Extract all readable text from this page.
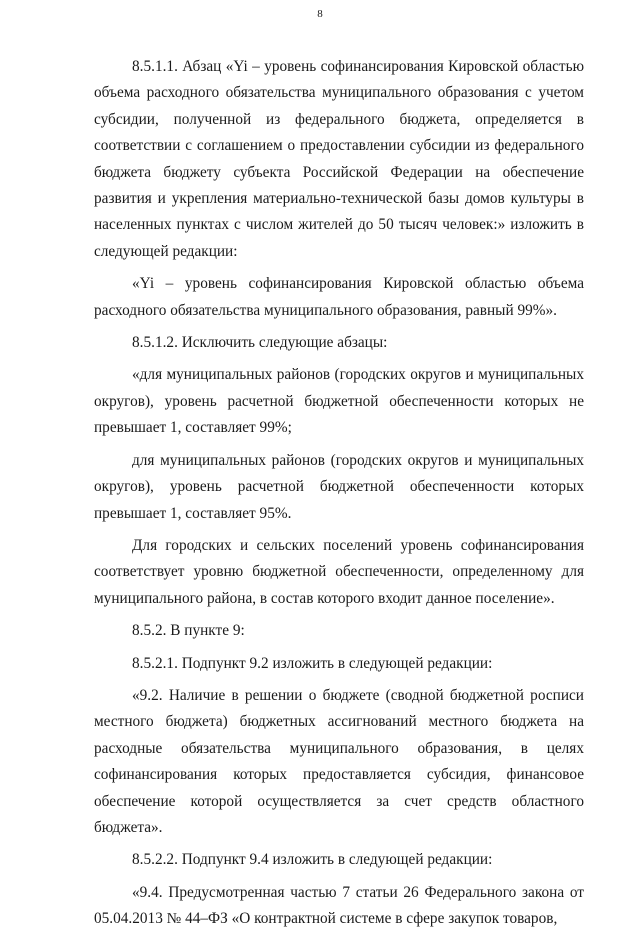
8

8.5.1.1. Абзац «Yi – уровень софинансирования Кировской областью объема расходного обязательства муниципального образования с учетом субсидии, полученной из федерального бюджета, определяется в соответствии с соглашением о предоставлении субсидии из федерального бюджета бюджету субъекта Российской Федерации на обеспечение развития и укрепления материально-технической базы домов культуры в населенных пунктах с числом жителей до 50 тысяч человек:» изложить в следующей редакции:

«Yi – уровень софинансирования Кировской областью объема расходного обязательства муниципального образования, равный 99%».

8.5.1.2. Исключить следующие абзацы:

«для муниципальных районов (городских округов и муниципальных округов), уровень расчетной бюджетной обеспеченности которых не превышает 1, составляет 99%;

для муниципальных районов (городских округов и муниципальных округов), уровень расчетной бюджетной обеспеченности которых превышает 1, составляет 95%.

Для городских и сельских поселений уровень софинансирования соответствует уровню бюджетной обеспеченности, определенному для муниципального района, в состав которого входит данное поселение».

8.5.2. В пункте 9:

8.5.2.1. Подпункт 9.2 изложить в следующей редакции:

«9.2. Наличие в решении о бюджете (сводной бюджетной росписи местного бюджета) бюджетных ассигнований местного бюджета на расходные обязательства муниципального образования, в целях софинансирования которых предоставляется субсидия, финансовое обеспечение которой осуществляется за счет средств областного бюджета».

8.5.2.2. Подпункт 9.4 изложить в следующей редакции:

«9.4. Предусмотренная частью 7 статьи 26 Федерального закона от 05.04.2013 № 44–ФЗ «О контрактной системе в сфере закупок товаров,
